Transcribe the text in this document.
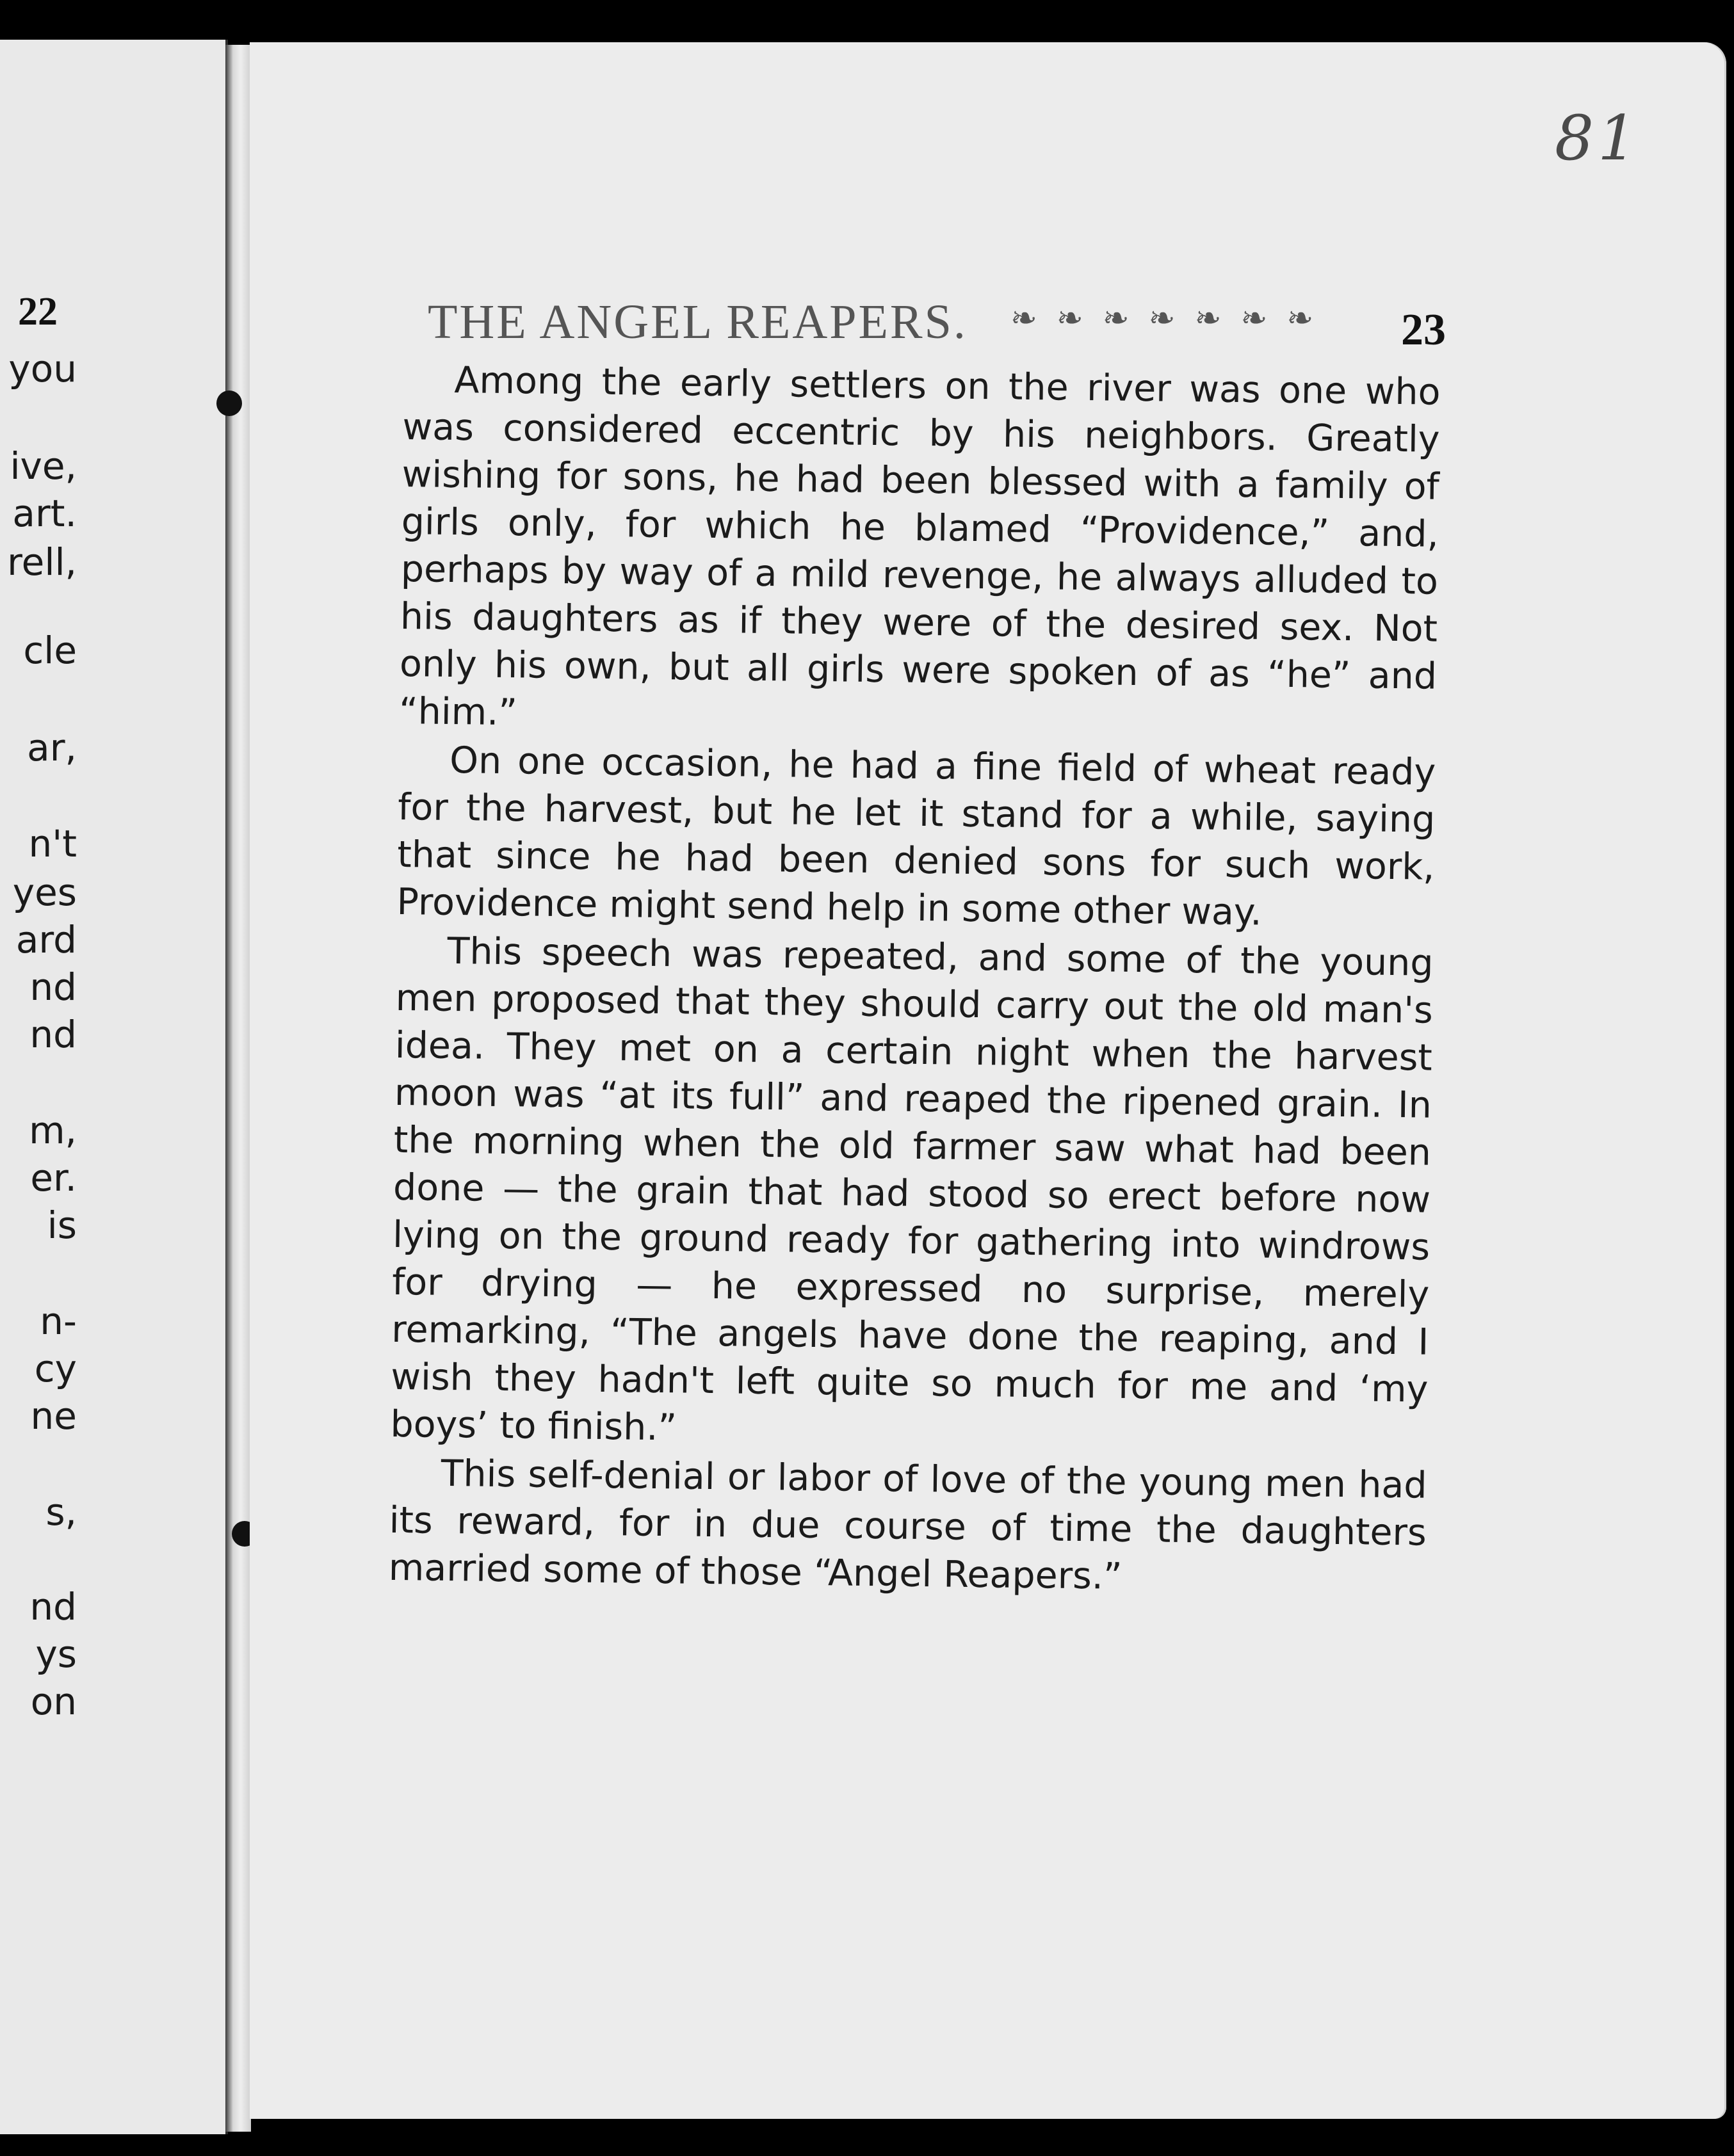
22
you
ive,
art.
rell,
cle
ar,
n't
yes
ard
nd
nd
m,
er.
is
n-
cy
ne
s,
nd
ys
on
81
THE ANGEL REAPERS. ❧❧❧❧❧❧❧ 23

Among the early settlers on the river was one who was considered eccentric by his neighbors. Greatly wishing for sons, he had been blessed with a family of girls only, for which he blamed “Providence,” and, perhaps by way of a mild revenge, he always alluded to his daughters as if they were of the desired sex. Not only his own, but all girls were spoken of as “he” and “him.”

On one occasion, he had a fine field of wheat ready for the harvest, but he let it stand for a while, saying that since he had been denied sons for such work, Providence might send help in some other way.

This speech was repeated, and some of the young men proposed that they should carry out the old man's idea. They met on a certain night when the harvest moon was “at its full” and reaped the ripened grain. In the morning when the old farmer saw what had been done — the grain that had stood so erect before now lying on the ground ready for gathering into windrows for drying — he expressed no surprise, merely remarking, “The angels have done the reaping, and I wish they hadn't left quite so much for me and ‘my boys’ to finish.”

This self-denial or labor of love of the young men had its reward, for in due course of time the daughters married some of those “Angel Reapers.”
